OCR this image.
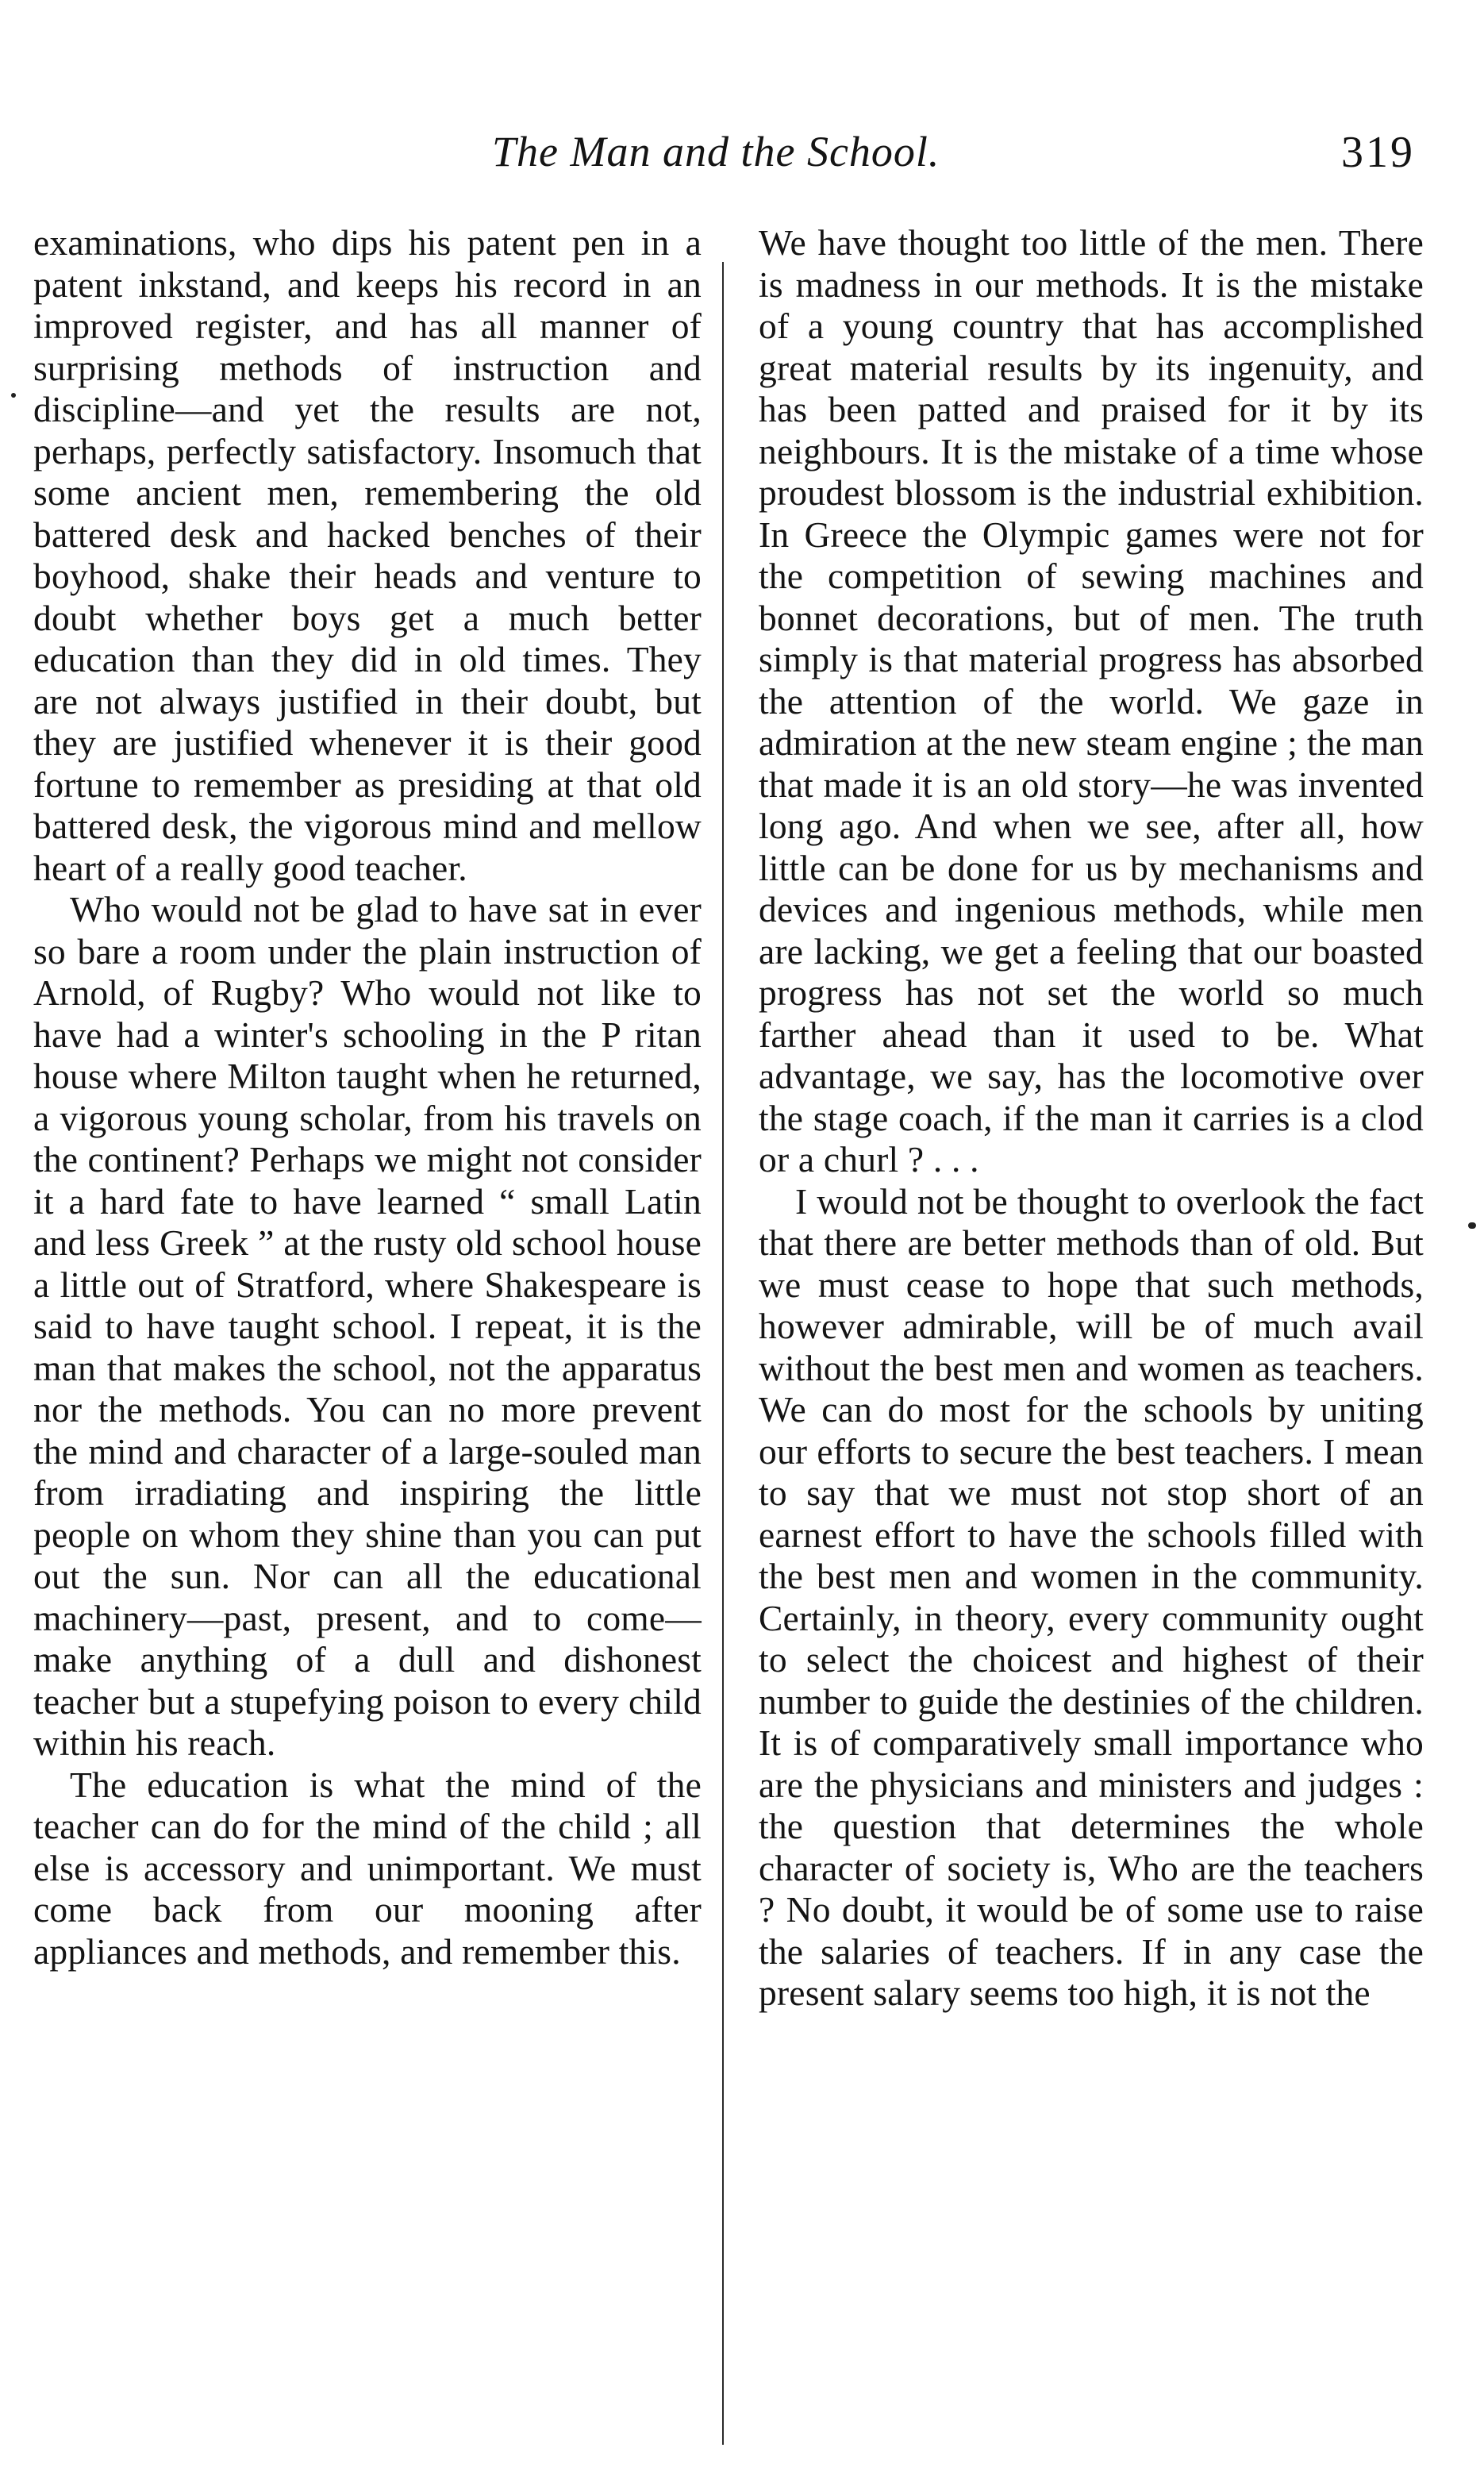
The Man and the School.	319

examinations, who dips his patent pen in a patent inkstand, and keeps his record in an improved register, and has all manner of surprising methods of instruction and discipline—and yet the results are not, perhaps, perfectly satisfactory. Insomuch that some ancient men, remembering the old battered desk and hacked benches of their boyhood, shake their heads and venture to doubt whether boys get a much better education than they did in old times. They are not always justified in their doubt, but they are justified whenever it is their good fortune to remember as presiding at that old battered desk, the vigorous mind and mellow heart of a really good teacher.

Who would not be glad to have sat in ever so bare a room under the plain instruction of Arnold, of Rugby? Who would not like to have had a winter's schooling in the P ritan house where Milton taught when he returned, a vigorous young scholar, from his travels on the continent? Perhaps we might not consider it a hard fate to have learned “ small Latin and less Greek ” at the rusty old school house a little out of Stratford, where Shakespeare is said to have taught school. I repeat, it is the man that makes the school, not the apparatus nor the methods. You can no more prevent the mind and character of a large-souled man from irradiating and inspiring the little people on whom they shine than you can put out the sun. Nor can all the educational machinery—past, present, and to come—make anything of a dull and dishonest teacher but a stupefying poison to every child within his reach.

The education is what the mind of the teacher can do for the mind of the child ; all else is accessory and unimportant. We must come back from our mooning after appliances and methods, and remember this.

We have thought too little of the men. There is madness in our methods. It is the mistake of a young country that has accomplished great material results by its ingenuity, and has been patted and praised for it by its neighbours. It is the mistake of a time whose proudest blossom is the industrial exhibition. In Greece the Olympic games were not for the competition of sewing machines and bonnet decorations, but of men. The truth simply is that material progress has absorbed the attention of the world. We gaze in admiration at the new steam engine ; the man that made it is an old story—he was invented long ago. And when we see, after all, how little can be done for us by mechanisms and devices and ingenious methods, while men are lacking, we get a feeling that our boasted progress has not set the world so much farther ahead than it used to be. What advantage, we say, has the locomotive over the stage coach, if the man it carries is a clod or a churl ? . . .

I would not be thought to overlook the fact that there are better methods than of old. But we must cease to hope that such methods, however admirable, will be of much avail without the best men and women as teachers. We can do most for the schools by uniting our efforts to secure the best teachers. I mean to say that we must not stop short of an earnest effort to have the schools filled with the best men and women in the community. Certainly, in theory, every community ought to select the choicest and highest of their number to guide the destinies of the children. It is of comparatively small importance who are the physicians and ministers and judges : the question that determines the whole character of society is, Who are the teachers ? No doubt, it would be of some use to raise the salaries of teachers. If in any case the present salary seems too high, it is not the
